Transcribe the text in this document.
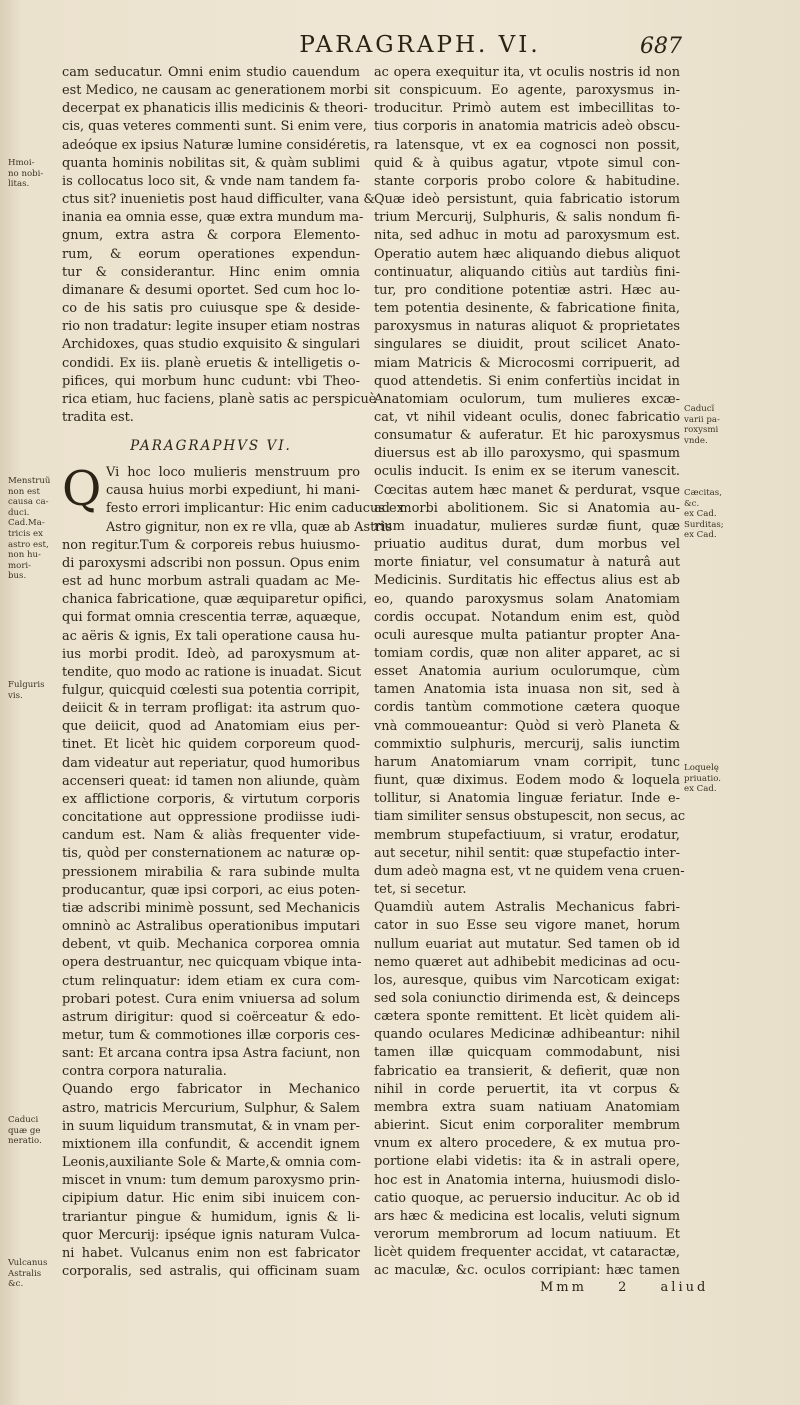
PARAGRAPH. VI.	687
cam seducatur. Omni enim studio cauendum
est Medico, ne causam ac generationem morbi
decerpat ex phanaticis illis medicinis & theori-
cis, quas veteres commenti sunt. Si enim vere,
adeóque ex ipsius Naturæ lumine considéretis,
quanta hominis nobilitas sit, & quàm sublimi
is collocatus loco sit, & vnde nam tandem fa-
ctus sit? inuenietis post haud difficulter, vana &
inania ea omnia esse, quæ extra mundum ma-
gnum, extra astra & corpora Elemento-
rum, & eorum operationes expendun-
tur & considerantur. Hinc enim omnia
dimanare & desumi oportet. Sed cum hoc lo-
co de his satis pro cuiusque spe & deside-
rio non tradatur: legite insuper etiam nostras
Archidoxes, quas studio exquisito & singulari
condidi. Ex iis. planè eruetis & intelligetis o-
pifices, qui morbum hunc cudunt: vbi Theo-
rica etiam, huc faciens, planè satis ac perspicuè
tradita est.
PARAGRAPHVS VI.
Q Vi hoc loco mulieris menstruum pro
causa huius morbi expediunt, hi mani-
festo errori implicantur: Hic enim caducus ex
Astro gignitur, non ex re vlla, quæ ab Astris
non regitur.Tum & corporeis rebus huiusmo-
di paroxysmi adscribi non possun. Opus enim
est ad hunc morbum astrali quadam ac Me-
chanica fabricatione, quæ æquiparetur opifici,
qui format omnia crescentia terræ, aquæque,
ac aëris & ignis, Ex tali operatione causa hu-
ius morbi prodit. Ideò, ad paroxysmum at-
tendite, quo modo ac ratione is inuadat. Sicut
fulgur, quicquid cœlesti sua potentia corripit,
deiicit & in terram profligat: ita astrum quo-
que deiicit, quod ad Anatomiam eius per-
tinet. Et licèt hic quidem corporeum quod-
dam videatur aut reperiatur, quod humoribus
accenseri queat: id tamen non aliunde, quàm
ex afflictione corporis, & virtutum corporis
concitatione aut oppressione prodiisse iudi-
candum est. Nam & aliàs frequenter vide-
tis, quòd per consternationem ac naturæ op-
pressionem mirabilia & rara subinde multa
producantur, quæ ipsi corpori, ac eius poten-
tiæ adscribi minimè possunt, sed Mechanicis
omninò ac Astralibus operationibus imputari
debent, vt quib. Mechanica corporea omnia
opera destruantur, nec quicquam vbique inta-
ctum relinquatur: idem etiam ex cura com-
probari potest. Cura enim vniuersa ad solum
astrum dirigitur: quod si coërceatur & edo-
metur, tum & commotiones illæ corporis ces-
sant: Et arcana contra ipsa Astra faciunt, non
contra corpora naturalia.
Quando ergo fabricator in Mechanico
astro, matricis Mercurium, Sulphur, & Salem
in suum liquidum transmutat, & in vnam per-
mixtionem illa confundit, & accendit ignem
Leonis,auxiliante Sole & Marte,& omnia com-
miscet in vnum: tum demum paroxysmo prin-
cipipium datur. Hic enim sibi inuicem con-
trariantur pingue & humidum, ignis & li-
quor Mercurij: ipséque ignis naturam Vulca-
ni habet. Vulcanus enim non est fabricator
corporalis, sed astralis, qui officinam suam
ac opera exequitur ita, vt oculis nostris id non
sit conspicuum. Eo agente, paroxysmus in-
troducitur. Primò autem est imbecillitas to-
tius corporis in anatomia matricis adeò obscu-
ra latensque, vt ex ea cognosci non possit,
quid & à quibus agatur, vtpote simul con-
stante corporis probo colore & habitudine.
Quæ ideò persistunt, quia fabricatio istorum
trium Mercurij, Sulphuris, & salis nondum fi-
nita, sed adhuc in motu ad paroxysmum est.
Operatio autem hæc aliquando diebus aliquot
continuatur, aliquando citiùs aut tardiùs fini-
tur, pro conditione potentiæ astri. Hæc au-
tem potentia desinente, & fabricatione finita,
paroxysmus in naturas aliquot & proprietates
singulares se diuidit, prout scilicet Anato-
miam Matricis & Microcosmi corripuerit, ad
quod attendetis. Si enim confertiùs incidat in
Anatomiam oculorum, tum mulieres excæ-
cat, vt nihil videant oculis, donec fabricatio
consumatur & auferatur. Et hic paroxysmus
diuersus est ab illo paroxysmo, qui spasmum
oculis inducit. Is enim ex se iterum vanescit.
Cœcitas autem hæc manet & perdurat, vsque
ad morbi abolitionem. Sic si Anatomia au-
rium inuadatur, mulieres surdæ fiunt, quæ
priuatio auditus durat, dum morbus vel
morte finiatur, vel consumatur à naturâ aut
Medicinis. Surditatis hic effectus alius est ab
eo, quando paroxysmus solam Anatomiam
cordis occupat. Notandum enim est, quòd
oculi auresque multa patiantur propter Ana-
tomiam cordis, quæ non aliter apparet, ac si
esset Anatomia aurium oculorumque, cùm
tamen Anatomia ista inuasa non sit, sed à
cordis tantùm commotione cætera quoque
vnà commoueantur: Quòd si verò Planeta &
commixtio sulphuris, mercurij, salis iunctim
harum Anatomiarum vnam corripit, tunc
fiunt, quæ diximus. Eodem modo & loquela
tollitur, si Anatomia linguæ feriatur. Inde e-
tiam similiter sensus obstupescit, non secus, ac
membrum stupefactiuum, si vratur, erodatur,
aut secetur, nihil sentit: quæ stupefactio inter-
dum adeò magna est, vt ne quidem vena cruen-
tet, si secetur.
Quamdiù autem Astralis Mechanicus fabri-
cator in suo Esse seu vigore manet, horum
nullum euariat aut mutatur. Sed tamen ob id
nemo quæret aut adhibebit medicinas ad ocu-
los, auresque, quibus vim Narcoticam exigat:
sed sola coniunctio dirimenda est, & deinceps
cætera sponte remittent. Et licèt quidem ali-
quando oculares Medicinæ adhibeantur: nihil
tamen illæ quicquam commodabunt, nisi
fabricatio ea transierit, & defierit, quæ non
nihil in corde peruertit, ita vt corpus &
membra extra suam natiuam Anatomiam
abierint. Sicut enim corporaliter membrum
vnum ex altero procedere, & ex mutua pro-
portione elabi videtis: ita & in astrali opere,
hoc est in Anatomia interna, huiusmodi dislo-
catio quoque, ac peruersio inducitur. Ac ob id
ars hæc & medicina est localis, veluti signum
verorum membrorum ad locum natiuum. Et
licèt quidem frequenter accidat, vt cataractæ,
ac maculæ, &c. oculos corripiant: hæc tamen
Hmoi-
no nobi-
litas.
Menstruũ
non est
causa ca-
duci.
Cad.Ma-
tricis ex
astro est,
non hu-
mori-
bus.
Fulguris
vis.
Caduci
quæ ge
neratio.
Vulcanus
Astralis
&c.
Caducĩ
varii pa-
roxysmi
vnde.
Cæcitas,
&c.
ex Cad.
Surditas;
ex Cad.
Loquelę
priuatio.
ex Cad.
Mmm 2 aliud
